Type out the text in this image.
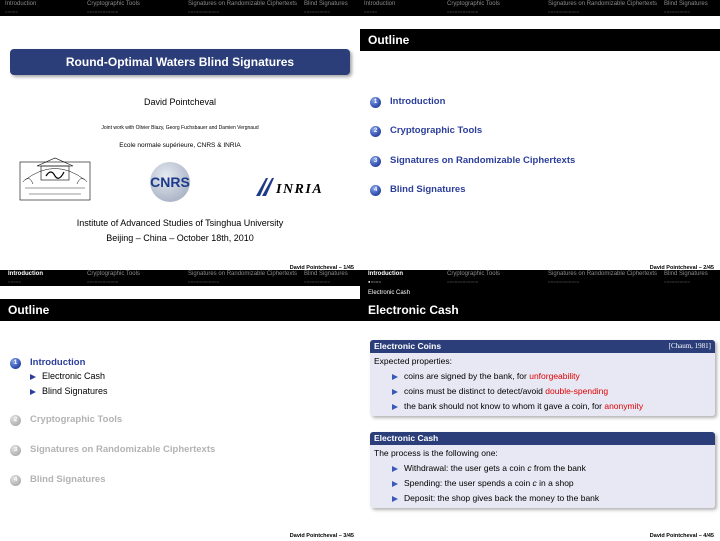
Introduction
○○○○○
Cryptographic Tools
○○○○○○○○○○○○
Signatures on Randomizable Ciphertexts
○○○○○○○○○○○○
Blind Signatures
○○○○○○○○○○
Round-Optimal Waters Blind Signatures
David Pointcheval
Joint work with Olivier Blazy, Georg Fuchsbauer and Damien Vergnaud
Ecole normale supérieure, CNRS & INRIA
CNRS	INRIA
Institute of Advanced Studies of Tsinghua University
Beijing – China – October 18th, 2010
David Pointcheval – 1/45
Introduction
○○○○○
Cryptographic Tools
○○○○○○○○○○○○
Signatures on Randomizable Ciphertexts
○○○○○○○○○○○○
Blind Signatures
○○○○○○○○○○
Outline
1	Introduction
2	Cryptographic Tools
3	Signatures on Randomizable Ciphertexts
4	Blind Signatures
David Pointcheval – 2/45
Introduction
○○○○○
Cryptographic Tools
○○○○○○○○○○○○
Signatures on Randomizable Ciphertexts
○○○○○○○○○○○○
Blind Signatures
○○○○○○○○○○
Outline
1	Introduction
Electronic Cash
Blind Signatures
2	Cryptographic Tools
3	Signatures on Randomizable Ciphertexts
4	Blind Signatures
David Pointcheval – 3/45
Introduction
●○○○○
Cryptographic Tools
○○○○○○○○○○○○
Signatures on Randomizable Ciphertexts
○○○○○○○○○○○○
Blind Signatures
○○○○○○○○○○
Electronic Cash
Electronic Cash
Electronic Coins	[Chaum, 1981]
Expected properties:
coins are signed by the bank, for unforgeability
coins must be distinct to detect/avoid double-spending
the bank should not know to whom it gave a coin, for anonymity
Electronic Cash
The process is the following one:
Withdrawal: the user gets a coin c from the bank
Spending: the user spends a coin c in a shop
Deposit: the shop gives back the money to the bank
David Pointcheval – 4/45
